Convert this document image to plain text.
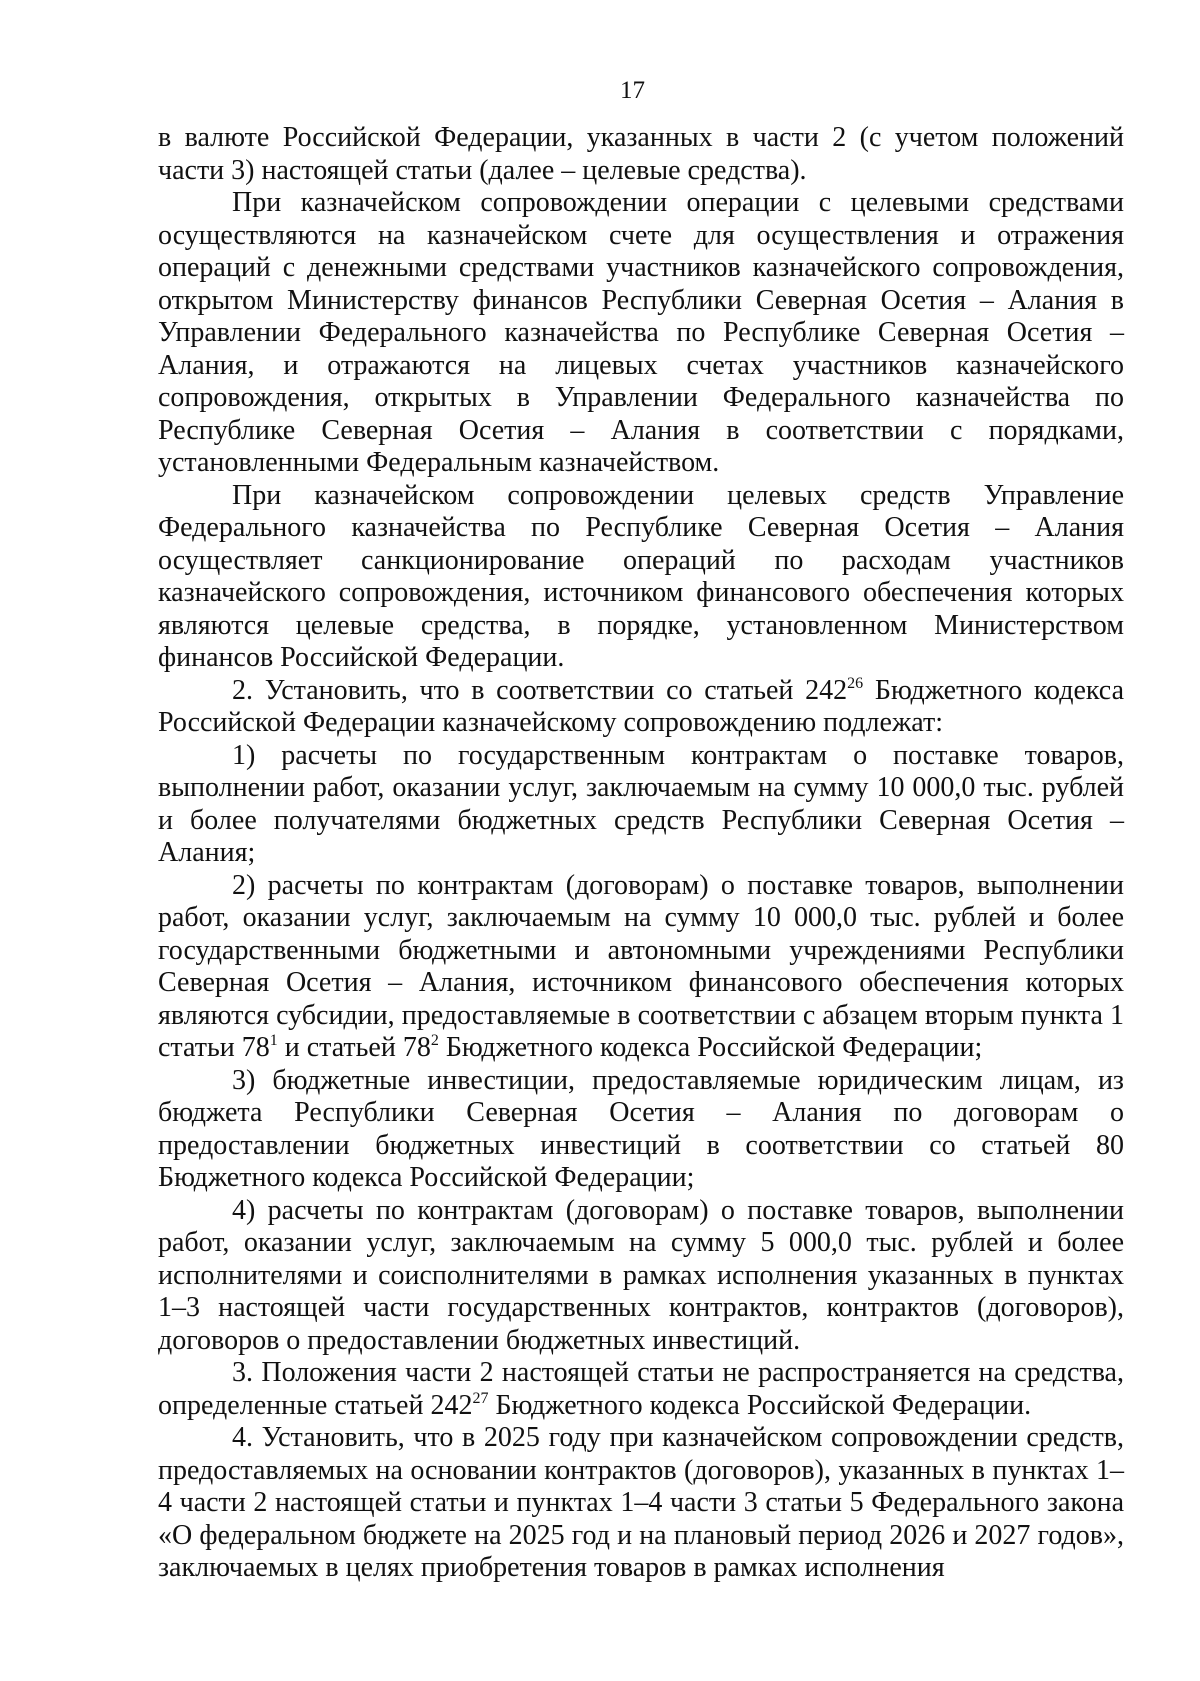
17

в валюте Российской Федерации, указанных в части 2 (с учетом положений части 3) настоящей статьи (далее – целевые средства).

При казначейском сопровождении операции с целевыми средствами осуществляются на казначейском счете для осуществления и отражения операций с денежными средствами участников казначейского сопровождения, открытом Министерству финансов Республики Северная Осетия – Алания в Управлении Федерального казначейства по Республике Северная Осетия – Алания, и отражаются на лицевых счетах участников казначейского сопровождения, открытых в Управлении Федерального казначейства по Республике Северная Осетия – Алания в соответствии с порядками, установленными Федеральным казначейством.

При казначейском сопровождении целевых средств Управление Федерального казначейства по Республике Северная Осетия – Алания осуществляет санкционирование операций по расходам участников казначейского сопровождения, источником финансового обеспечения которых являются целевые средства, в порядке, установленном Министерством финансов Российской Федерации.

2. Установить, что в соответствии со статьей $242^{26}$ Бюджетного кодекса Российской Федерации казначейскому сопровождению подлежат:

1) расчеты по государственным контрактам о поставке товаров, выполнении работ, оказании услуг, заключаемым на сумму 10 000,0 тыс. рублей и более получателями бюджетных средств Республики Северная Осетия – Алания;

2) расчеты по контрактам (договорам) о поставке товаров, выполнении работ, оказании услуг, заключаемым на сумму 10 000,0 тыс. рублей и более государственными бюджетными и автономными учреждениями Республики Северная Осетия – Алания, источником финансового обеспечения которых являются субсидии, предоставляемые в соответствии с абзацем вторым пункта 1 статьи $78^1$ и статьей $78^2$ Бюджетного кодекса Российской Федерации;

3) бюджетные инвестиции, предоставляемые юридическим лицам, из бюджета Республики Северная Осетия – Алания по договорам о предоставлении бюджетных инвестиций в соответствии со статьей 80 Бюджетного кодекса Российской Федерации;

4) расчеты по контрактам (договорам) о поставке товаров, выполнении работ, оказании услуг, заключаемым на сумму 5 000,0 тыс. рублей и более исполнителями и соисполнителями в рамках исполнения указанных в пунктах 1–3 настоящей части государственных контрактов, контрактов (договоров), договоров о предоставлении бюджетных инвестиций.

3. Положения части 2 настоящей статьи не распространяется на средства, определенные статьей $242^{27}$ Бюджетного кодекса Российской Федерации.

4. Установить, что в 2025 году при казначейском сопровождении средств, предоставляемых на основании контрактов (договоров), указанных в пунктах 1–4 части 2 настоящей статьи и пунктах 1–4 части 3 статьи 5 Федерального закона «О федеральном бюджете на 2025 год и на плановый период 2026 и 2027 годов», заключаемых в целях приобретения товаров в рамках исполнения
